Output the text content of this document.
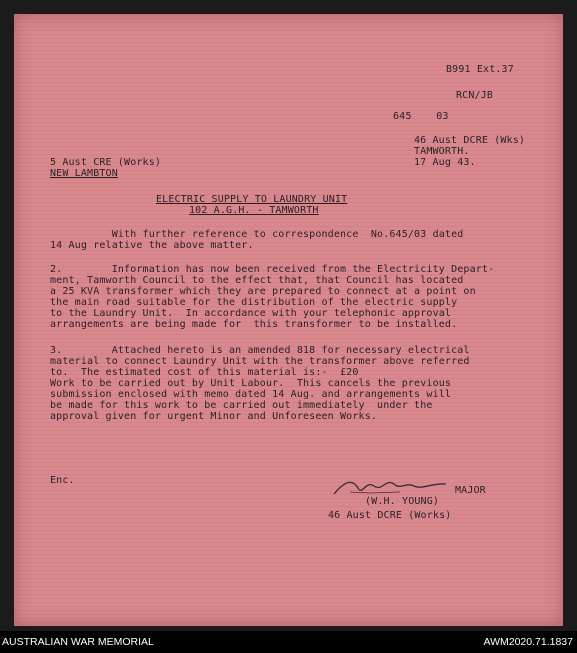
B991 Ext.37

RCN/JB

645    03

46 Aust DCRE (Wks)

TAMWORTH.

17 Aug 43.

5 Aust CRE (Works)

NEW LAMBTON

ELECTRIC SUPPLY TO LAUNDRY UNIT

102 A.G.H. - TAMWORTH

With further reference to correspondence  No.645/03 dated

14 Aug relative the above matter.

2.        Information has now been received from the Electricity Depart-

ment, Tamworth Council to the effect that, that Council has located

a 25 KVA transformer which they are prepared to connect at a point on

the main road suitable for the distribution of the electric supply

to the Laundry Unit.  In accordance with your telephonic approval

arrangements are being made for  this transformer to be installed.

3.        Attached hereto is an amended 818 for necessary electrical

material to connect Laundry Unit with the transformer above referred

to.  The estimated cost of this material is:-  £20

Work to be carried out by Unit Labour.  This cancels the previous

submission enclosed with memo dated 14 Aug. and arrangements will

be made for this work to be carried out immediately  under the

approval given for urgent Minor and Unforeseen Works.

Enc.

MAJOR

(W.H. YOUNG)

46 Aust DCRE (Works)

AUSTRALIAN WAR MEMORIAL	AWM2020.71.1837
